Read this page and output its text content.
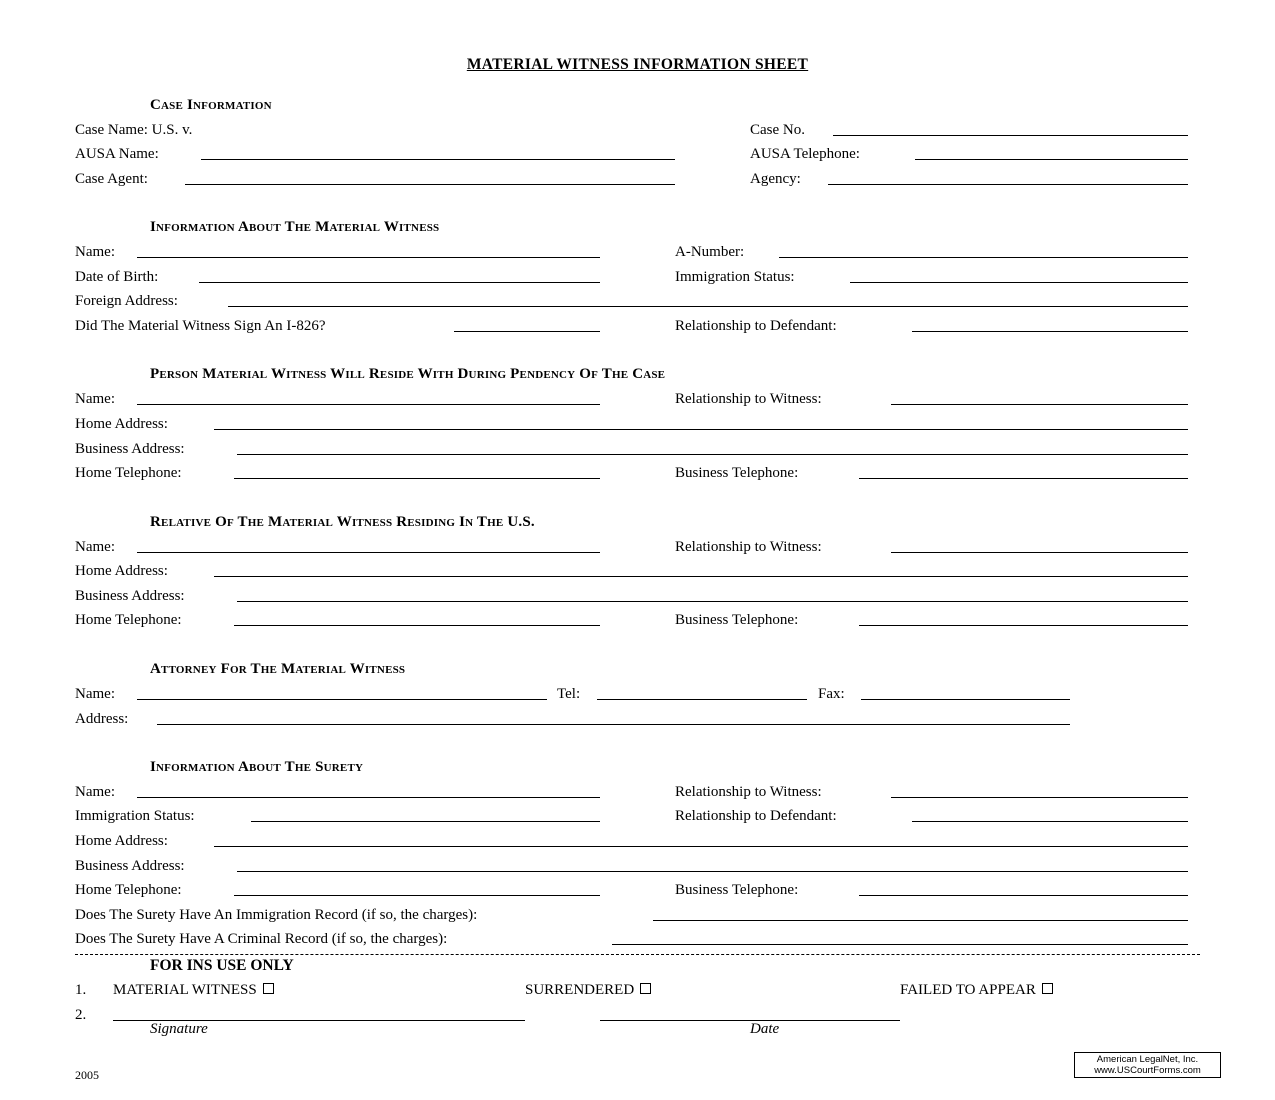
MATERIAL WITNESS INFORMATION SHEET
Case Information
Case Name: U.S. v.	Case No.
AUSA Name:	AUSA Telephone:
Case Agent:	Agency:
Information About The Material Witness
Name:	A-Number:
Date of Birth:	Immigration Status:
Foreign Address:
Did The Material Witness Sign An I-826?	Relationship to Defendant:
Person Material Witness Will Reside With During Pendency Of The Case
Name:	Relationship to Witness:
Home Address:
Business Address:
Home Telephone:	Business Telephone:
Relative Of The Material Witness Residing In The U.S.
Name:	Relationship to Witness:
Home Address:
Business Address:
Home Telephone:	Business Telephone:
Attorney For The Material Witness
Name:	Tel:	Fax:
Address:
Information About The Surety
Name:	Relationship to Witness:
Immigration Status:	Relationship to Defendant:
Home Address:
Business Address:
Home Telephone:	Business Telephone:
Does The Surety Have An Immigration Record (if so, the charges):
Does The Surety Have A Criminal Record (if so, the charges):
FOR INS USE ONLY
1. MATERIAL WITNESS	SURRENDERED	FAILED TO APPEAR
2.
Signature	Date
2005
American LegalNet, Inc.
www.USCourtForms.com
